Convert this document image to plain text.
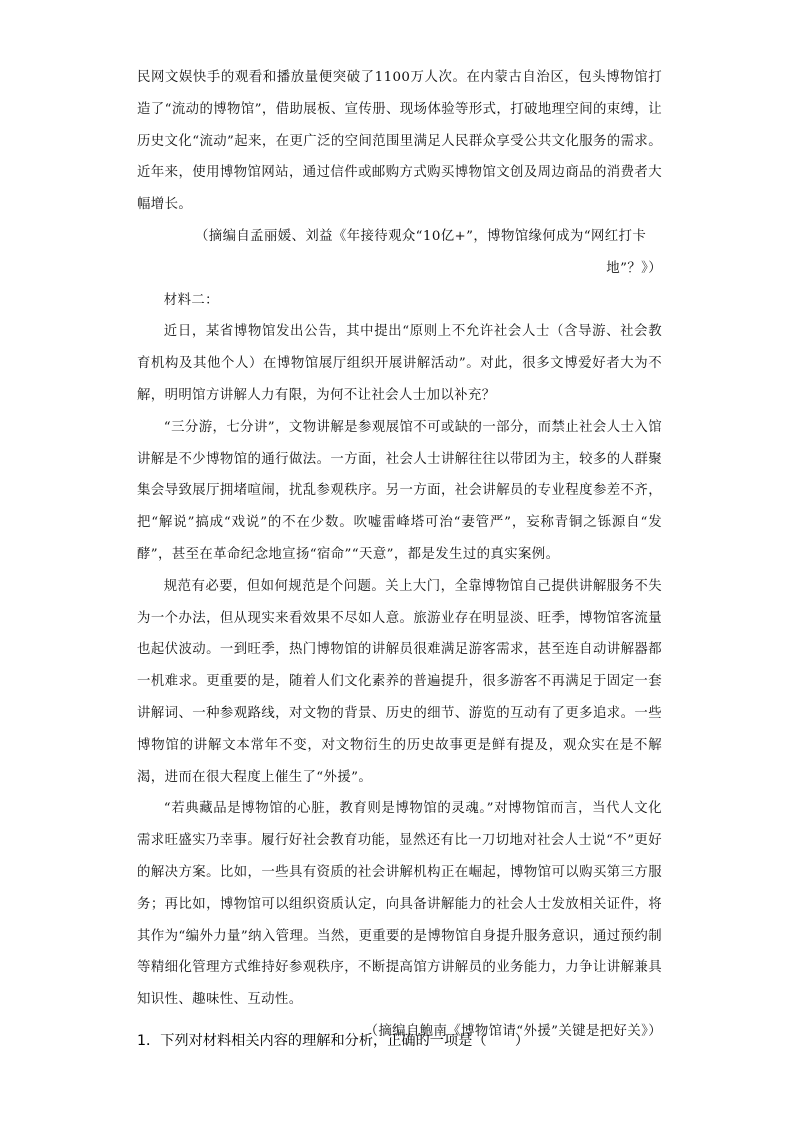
民网文娱快手的观看和播放量便突破了1100万人次。在内蒙古自治区，包头博物馆打造了“流动的博物馆”，借助展板、宣传册、现场体验等形式，打破地理空间的束缚，让历史文化“流动”起来，在更广泛的空间范围里满足人民群众享受公共文化服务的需求。近年来，使用博物馆网站，通过信件或邮购方式购买博物馆文创及周边商品的消费者大幅增长。

（摘编自孟丽媛、刘益《年接待观众“10亿+”，博物馆缘何成为“网红打卡

地”？》）

材料二：

近日，某省博物馆发出公告，其中提出“原则上不允许社会人士（含导游、社会教育机构及其他个人）在博物馆展厅组织开展讲解活动”。对此，很多文博爱好者大为不解，明明馆方讲解人力有限，为何不让社会人士加以补充？

“三分游，七分讲”，文物讲解是参观展馆不可或缺的一部分，而禁止社会人士入馆讲解是不少博物馆的通行做法。一方面，社会人士讲解往往以带团为主，较多的人群聚集会导致展厅拥堵喧闹，扰乱参观秩序。另一方面，社会讲解员的专业程度参差不齐，把“解说”搞成“戏说”的不在少数。吹嘘雷峰塔可治“妻管严”，妄称青铜之铄源自“发酵”，甚至在革命纪念地宣扬“宿命”“天意”，都是发生过的真实案例。

规范有必要，但如何规范是个问题。关上大门，全靠博物馆自己提供讲解服务不失为一个办法，但从现实来看效果不尽如人意。旅游业存在明显淡、旺季，博物馆客流量也起伏波动。一到旺季，热门博物馆的讲解员很难满足游客需求，甚至连自动讲解器都一机难求。更重要的是，随着人们文化素养的普遍提升，很多游客不再满足于固定一套讲解词、一种参观路线，对文物的背景、历史的细节、游览的互动有了更多追求。一些博物馆的讲解文本常年不变，对文物衍生的历史故事更是鲜有提及，观众实在是不解渴，进而在很大程度上催生了“外援”。

“若典藏品是博物馆的心脏，教育则是博物馆的灵魂。”对博物馆而言，当代人文化需求旺盛实乃幸事。履行好社会教育功能，显然还有比一刀切地对社会人士说“不”更好的解决方案。比如，一些具有资质的社会讲解机构正在崛起，博物馆可以购买第三方服务；再比如，博物馆可以组织资质认定，向具备讲解能力的社会人士发放相关证件，将其作为“编外力量”纳入管理。当然，更重要的是博物馆自身提升服务意识，通过预约制等精细化管理方式维持好参观秩序，不断提高馆方讲解员的业务能力，力争让讲解兼具知识性、趣味性、互动性。

（摘编自鲍南《博物馆请“外援”关键是把好关》）

1．下列对材料相关内容的理解和分析，正确的一项是（　　）
